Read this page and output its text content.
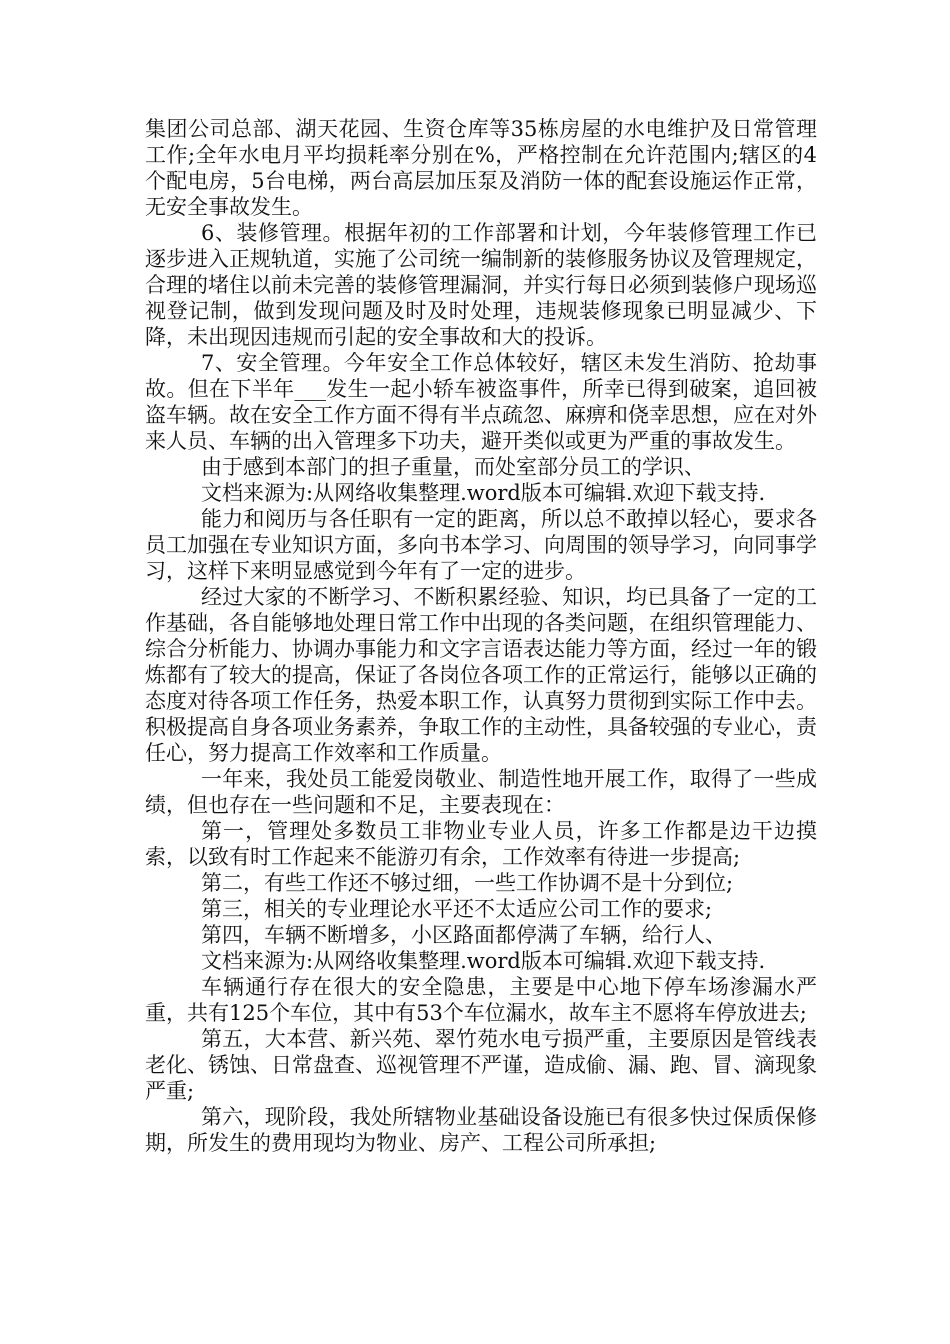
集团公司总部、湖天花园、生资仓库等35栋房屋的水电维护及日常管理工作;全年水电月平均损耗率分别在%，严格控制在允许范围内;辖区的4个配电房，5台电梯，两台高层加压泵及消防一体的配套设施运作正常，无安全事故发生。

6、装修管理。根据年初的工作部署和计划，今年装修管理工作已逐步进入正规轨道，实施了公司统一编制新的装修服务协议及管理规定，合理的堵住以前未完善的装修管理漏洞，并实行每日必须到装修户现场巡视登记制，做到发现问题及时及时处理，违规装修现象已明显减少、下降，未出现因违规而引起的安全事故和大的投诉。

7、安全管理。今年安全工作总体较好，辖区未发生消防、抢劫事故。但在下半年___发生一起小轿车被盗事件，所幸已得到破案，追回被盗车辆。故在安全工作方面不得有半点疏忽、麻痹和侥幸思想，应在对外来人员、车辆的出入管理多下功夫，避开类似或更为严重的事故发生。

由于感到本部门的担子重量，而处室部分员工的学识、

文档来源为:从网络收集整理.word版本可编辑.欢迎下载支持.

能力和阅历与各任职有一定的距离，所以总不敢掉以轻心，要求各员工加强在专业知识方面，多向书本学习、向周围的领导学习，向同事学习，这样下来明显感觉到今年有了一定的进步。

经过大家的不断学习、不断积累经验、知识，均已具备了一定的工作基础，各自能够地处理日常工作中出现的各类问题，在组织管理能力、综合分析能力、协调办事能力和文字言语表达能力等方面，经过一年的锻炼都有了较大的提高，保证了各岗位各项工作的正常运行，能够以正确的态度对待各项工作任务，热爱本职工作，认真努力贯彻到实际工作中去。积极提高自身各项业务素养，争取工作的主动性，具备较强的专业心，责任心，努力提高工作效率和工作质量。

一年来，我处员工能爱岗敬业、制造性地开展工作，取得了一些成绩，但也存在一些问题和不足，主要表现在：

第一，管理处多数员工非物业专业人员，许多工作都是边干边摸索，以致有时工作起来不能游刃有余，工作效率有待进一步提高;

第二，有些工作还不够过细，一些工作协调不是十分到位;

第三，相关的专业理论水平还不太适应公司工作的要求;

第四，车辆不断增多，小区路面都停满了车辆，给行人、

文档来源为:从网络收集整理.word版本可编辑.欢迎下载支持.

车辆通行存在很大的安全隐患，主要是中心地下停车场渗漏水严重，共有125个车位，其中有53个车位漏水，故车主不愿将车停放进去;

第五，大本营、新兴苑、翠竹苑水电亏损严重，主要原因是管线表老化、锈蚀、日常盘查、巡视管理不严谨，造成偷、漏、跑、冒、滴现象严重;

第六，现阶段，我处所辖物业基础设备设施已有很多快过保质保修期，所发生的费用现均为物业、房产、工程公司所承担;
